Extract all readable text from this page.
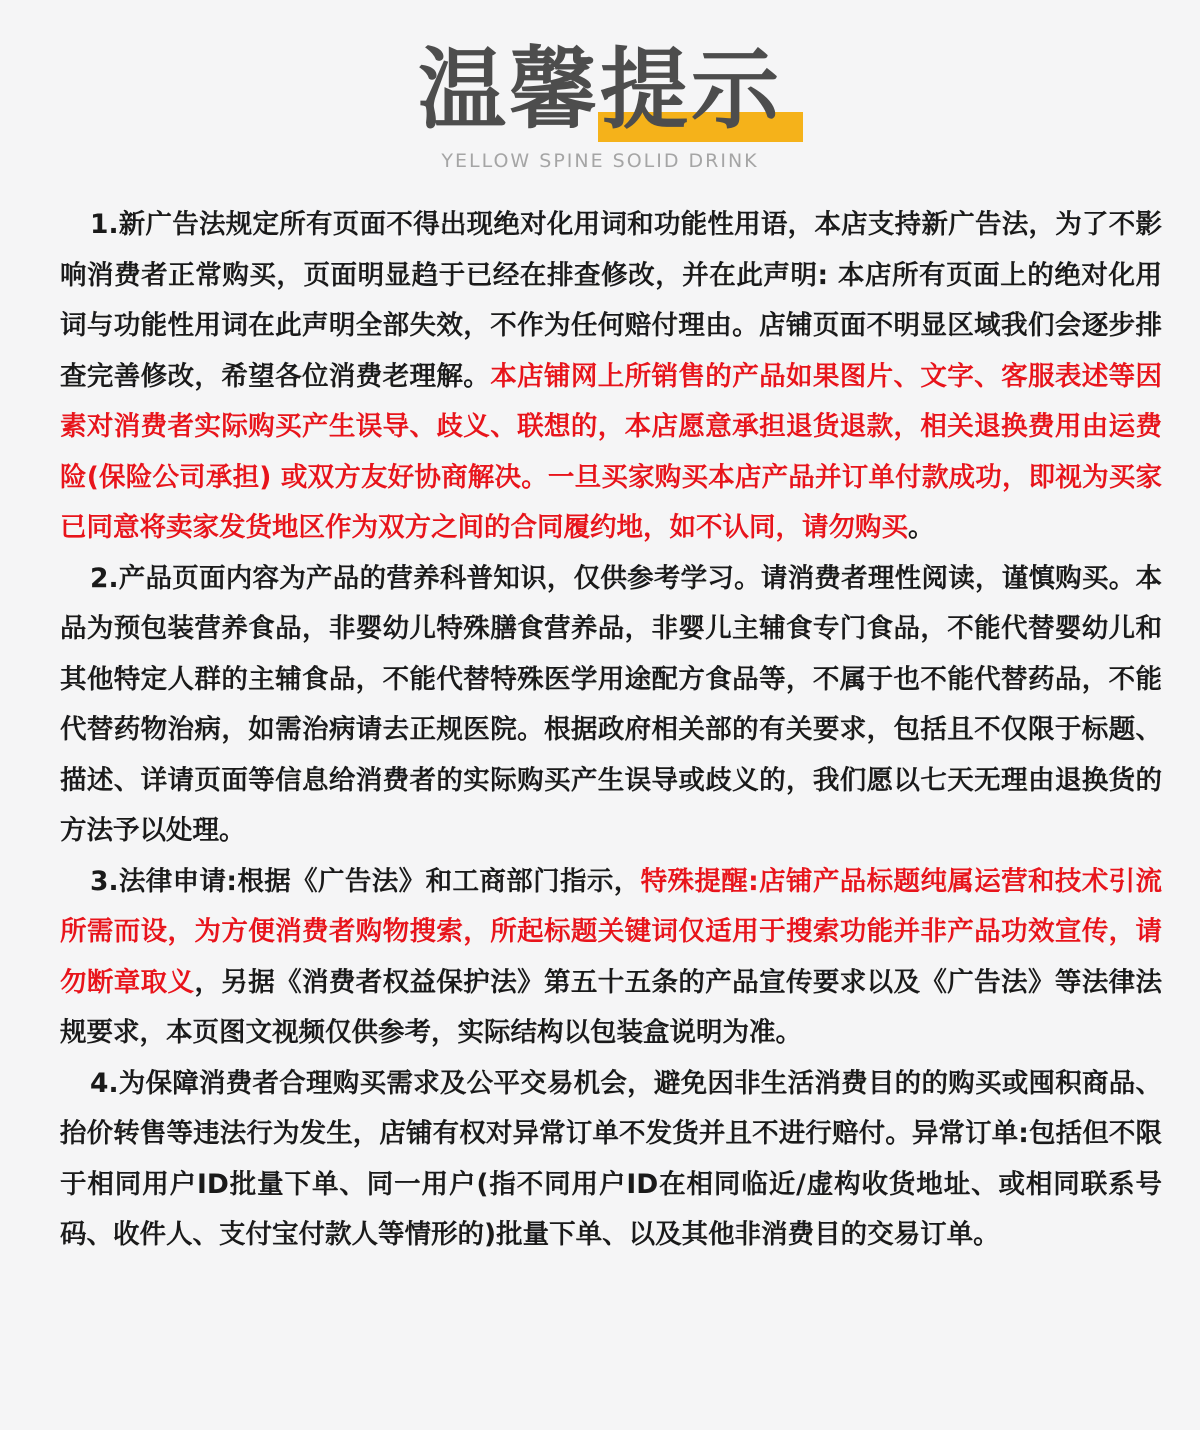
温馨提示
YELLOW SPINE SOLID DRINK

1.新广告法规定所有页面不得出现绝对化用词和功能性用语，本店支持新广告法，为了不影响消费者正常购买，页面明显趋于已经在排查修改，并在此声明: 本店所有页面上的绝对化用词与功能性用词在此声明全部失效，不作为任何赔付理由。店铺页面不明显区域我们会逐步排查完善修改，希望各位消费老理解。本店铺网上所销售的产品如果图片、文字、客服表述等因素对消费者实际购买产生误导、歧义、联想的，本店愿意承担退货退款，相关退换费用由运费险(保险公司承担) 或双方友好协商解决。一旦买家购买本店产品并订单付款成功，即视为买家已同意将卖家发货地区作为双方之间的合同履约地，如不认同，请勿购买。

2.产品页面内容为产品的营养科普知识，仅供参考学习。请消费者理性阅读，谨慎购买。本品为预包装营养食品，非婴幼儿特殊膳食营养品，非婴儿主辅食专门食品，不能代替婴幼儿和其他特定人群的主辅食品，不能代替特殊医学用途配方食品等，不属于也不能代替药品，不能代替药物治病，如需治病请去正规医院。根据政府相关部的有关要求，包括且不仅限于标题、描述、详请页面等信息给消费者的实际购买产生误导或歧义的，我们愿以七天无理由退换货的方法予以处理。

3.法律申请:根据《广告法》和工商部门指示，特殊提醒:店铺产品标题纯属运营和技术引流所需而设，为方便消费者购物搜索，所起标题关键词仅适用于搜索功能并非产品功效宣传，请勿断章取义，另据《消费者权益保护法》第五十五条的产品宣传要求以及《广告法》等法律法规要求，本页图文视频仅供参考，实际结构以包装盒说明为准。

4.为保障消费者合理购买需求及公平交易机会，避免因非生活消费目的的购买或囤积商品、抬价转售等违法行为发生，店铺有权对异常订单不发货并且不进行赔付。异常订单:包括但不限于相同用户ID批量下单、同一用户(指不同用户ID在相同临近/虚构收货地址、或相同联系号码、收件人、支付宝付款人等情形的)批量下单、以及其他非消费目的交易订单。
